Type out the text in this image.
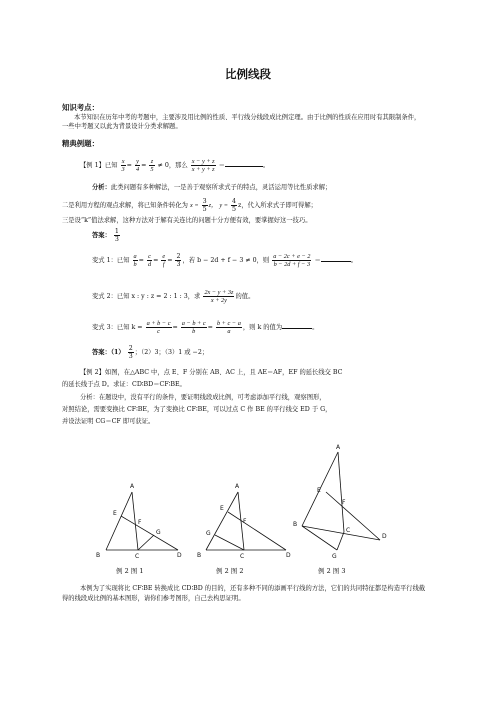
比例线段
知识考点：
本节知识在历年中考的考题中，主要涉及用比例的性质、平行线分线段成比例定理。由于比例的性质在应用时有其限制条件，一些中考题又以此为背景设计分类求解题。
精典例题：
【例 1】已知 $\frac{x}{3} = \frac{y}{4} = \frac{z}{5} \ne 0$，那么 $\frac{x - y + z}{x + y + z}$ ＝	。
分析：此类问题有多种解法，一是善于观察所求式子的特点，灵活运用等比性质求解；
二是利用方程的观点求解，将已知条件转化为 $x = \frac{3}{5}$ z， $y = \frac{4}{5}$ z，代入所求式子即可得解；
三是设“k”值法求解，这种方法对于解有关连比的问题十分方便有效，要掌握好这一技巧。
答案： $\frac{1}{3}$
变式 1：已知 $\frac{a}{b} = \frac{c}{d} = \frac{e}{f} = \frac{2}{3}$ ，若 b − 2d + f − 3 ≠ 0，则 $\frac{a - 2c + e - 2}{b - 2d + f - 3}$ ＝	。
变式 2：已知 x : y : z = 2 : 1 : 3，求 $\frac{2x - y + 3z}{x + 2y}$ 的值。
变式 3：已知 $k = \frac{a + b - c}{c} = \frac{a - b + c}{b} = \frac{b + c - a}{a}$ ，则 k 的值为	。
答案：$(1) \frac{2}{3}$ ；（2）3；（3）1 或 −2；
【例 2】如图，在△ABC 中，点 E、F 分别在 AB、AC 上，且 AE＝AF，EF 的延长线交 BC
的延长线于点 D。求证：CD∶BD＝CF∶BE。
分析：在题设中，没有平行的条件，要证明线段成比例，可考虑添加平行线，观察图形，
对照结论，需要变换比 CF∶BE，为了变换比 CF∶BE，可以过点 C 作 BE 的平行线交 ED 于 G，
并设法证明 CG＝CF 即可获证。
A
E
F
G
B	C	D
A
E
F
G
B	C	D
A
E
F
B
C
D
G
例 2 图 1	例 2 图 2	例 2 图 3
本例为了实现将比 CF∶BE 转换成比 CD∶BD 的目的，还有多种不同的添画平行线的方法，它们的共同特征都是构造平行线截得的线段成比例的基本图形，请你们参考图形，自己去构思证明。
